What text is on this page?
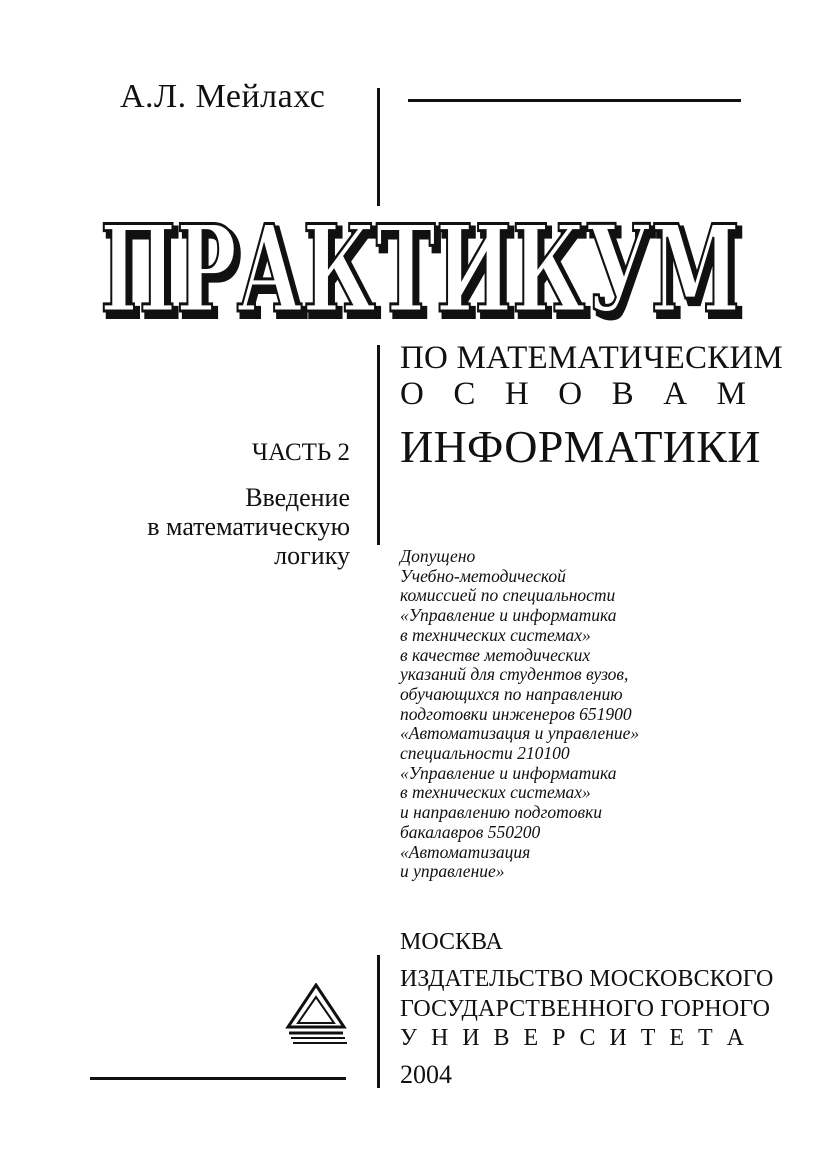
А.Л. Мейлахс
ПРАКТИКУМ
ПРАКТИКУМ
ПО МАТЕМАТИЧЕСКИМ
О С Н О В А М
ИНФОРМАТИКИ
ЧАСТЬ 2
Введение
в математическую
логику	Допущено
Учебно-методической
комиссией по специальности
«Управление и информатика
в технических системах»
в качестве методических
указаний для студентов вузов,
обучающихся по направлению
подготовки инженеров 651900
«Автоматизация и управление»
специальности 210100
«Управление и информатика
в технических системах»
и направлению подготовки
бакалавров 550200
«Автоматизация
и управление»
МОСКВА
ИЗДАТЕЛЬСТВО МОСКОВСКОГО
ГОСУДАРСТВЕННОГО ГОРНОГО
У Н И В Е Р С И Т Е Т А
2004
